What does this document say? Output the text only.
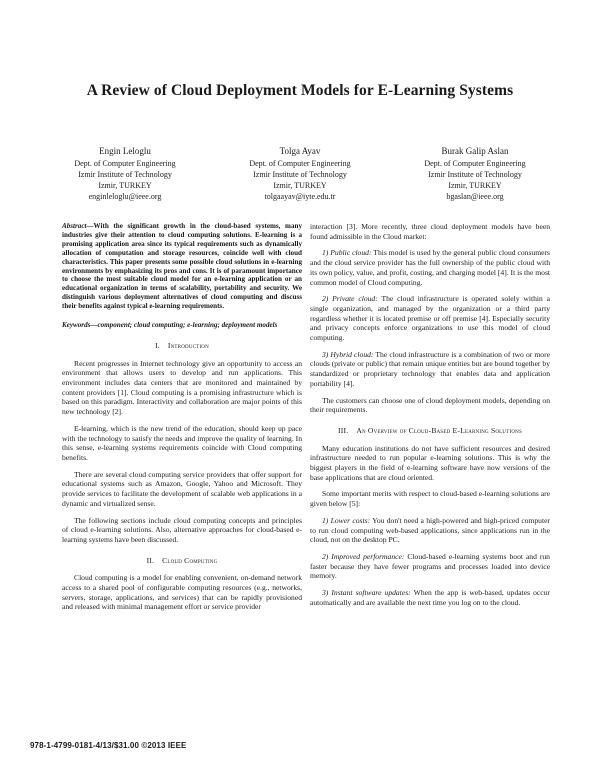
A Review of Cloud Deployment Models for E-Learning Systems
Engin Leloglu
Dept. of Computer Engineering
Izmir Institute of Technology
Izmir, TURKEY
enginleloglu@ieee.org
Tolga Ayav
Dept. of Computer Engineering
Izmir Institute of Technology
Izmir, TURKEY
tolgaayav@iyte.edu.tr
Burak Galip Aslan
Dept. of Computer Engineering
Izmir Institute of Technology
Izmir, TURKEY
bgaslan@ieee.org

Abstract—With the significant growth in the cloud-based systems, many industries give their attention to cloud computing solutions. E-learning is a promising application area since its typical requirements such as dynamically allocation of computation and storage resources, coincide well with cloud characteristics. This paper presents some possible cloud solutions in e-learning environments by emphasizing its pros and cons. It is of paramount importance to choose the most suitable cloud model for an e-learning application or an educational organization in terms of scalability, portability and security. We distinguish various deployment alternatives of cloud computing and discuss their benefits against typical e-learning requirements.

Keywords—component; cloud computing; e-learning; deployment models

I. Introduction

Recent progresses in Internet technology give an opportunity to access an environment that allows users to develop and run applications. This environment includes data centers that are monitored and maintained by content providers [1]. Cloud computing is a promising infrastructure which is based on this paradigm. Interactivity and collaboration are major points of this new technology [2].

E-learning, which is the new trend of the education, should keep up pace with the technology to satisfy the needs and improve the quality of learning. In this sense, e-learning systems requirements coincide with Cloud computing benefits.

There are several cloud computing service providers that offer support for educational systems such as Amazon, Google, Yahoo and Microsoft. They provide services to facilitate the development of scalable web applications in a dynamic and virtualized sense.

The following sections include cloud computing concepts and principles of cloud e-learning solutions. Also, alternative approaches for cloud-based e-learning systems have been discussed.

II. Cloud Computing

Cloud computing is a model for enabling convenient, on-demand network access to a shared pool of configurable computing resources (e.g., networks, servers, storage, applications, and services) that can be rapidly provisioned and released with minimal management effort or service provider

interaction [3]. More recently, three cloud deployment models have been found admissible in the Cloud market:

1) Public cloud: This model is used by the general public cloud consumers and the cloud service provider has the full ownership of the public cloud with its own policy, value, and profit, costing, and charging model [4]. It is the most common model of Cloud computing.

2) Private cloud: The cloud infrastructure is operated solely within a single organization, and managed by the organization or a third party regardless whether it is located premise or off premise [4]. Especially security and privacy concepts enforce organizations to use this model of cloud computing.

3) Hybrid cloud: The cloud infrastructure is a combination of two or more clouds (private or public) that remain unique entities but are bound together by standardized or proprietary technology that enables data and application portability [4].

The customers can choose one of cloud deployment models, depending on their requirements.

III. An Overview of Cloud-Based E-Learning Solutions

Many education institutions do not have sufficient resources and desired infrastructure needed to run popular e-learning solutions. This is why the biggest players in the field of e-learning software have now versions of the base applications that are cloud oriented.

Some important merits with respect to cloud-based e-learning solutions are given below [5]:

1) Lower costs: You don't need a high-powered and high-priced computer to run cloud computing web-based applications, since applications run in the cloud, not on the desktop PC.

2) Improved performance: Cloud-based e-learning systems boot and run faster because they have fewer programs and processes loaded into device memory.

3) Instant software updates: When the app is web-based, updates occur automatically and are available the next time you log on to the cloud.

978-1-4799-0181-4/13/$31.00 ©2013 IEEE
